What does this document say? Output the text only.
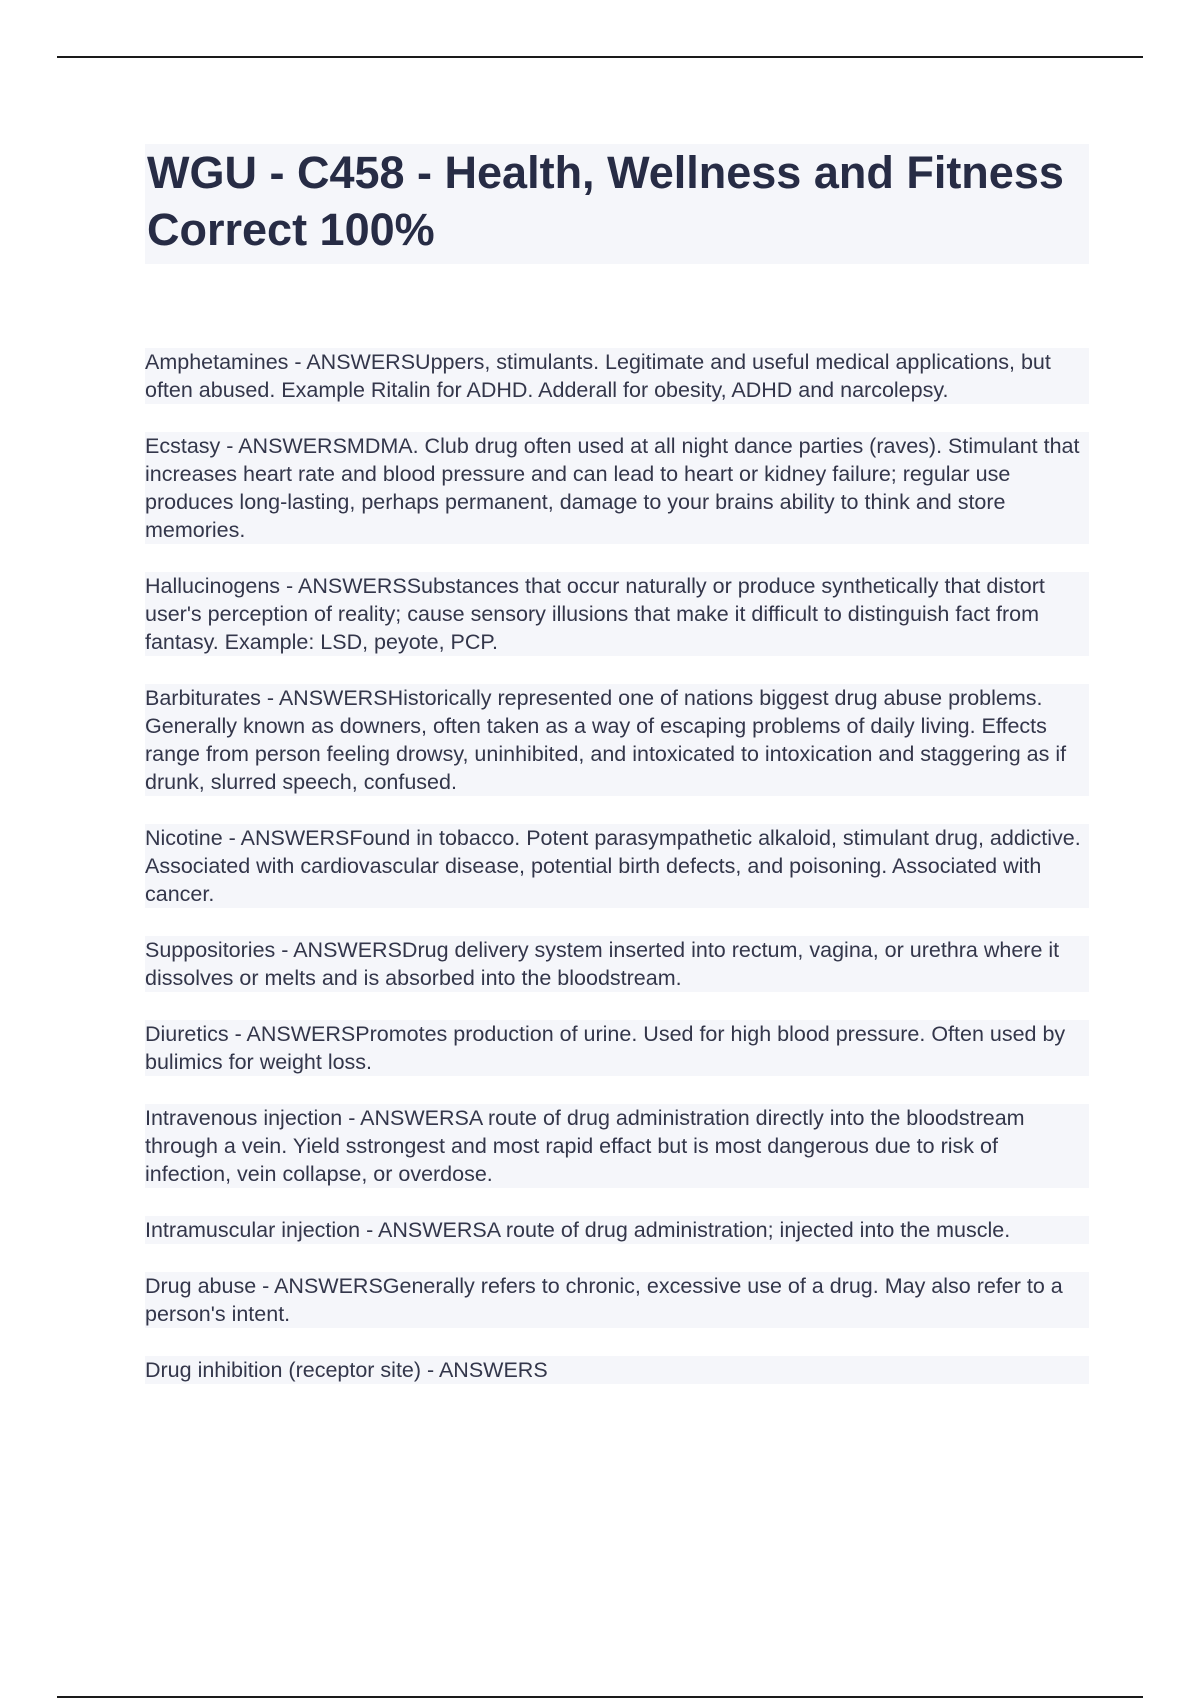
WGU - C458 - Health, Wellness and Fitness Correct 100%
Amphetamines - ANSWERSUppers, stimulants. Legitimate and useful medical applications, but often abused. Example Ritalin for ADHD. Adderall for obesity, ADHD and narcolepsy.
Ecstasy - ANSWERSMDMA. Club drug often used at all night dance parties (raves). Stimulant that increases heart rate and blood pressure and can lead to heart or kidney failure; regular use produces long-lasting, perhaps permanent, damage to your brains ability to think and store memories.
Hallucinogens - ANSWERSSubstances that occur naturally or produce synthetically that distort user's perception of reality; cause sensory illusions that make it difficult to distinguish fact from fantasy. Example: LSD, peyote, PCP.
Barbiturates - ANSWERSHistorically represented one of nations biggest drug abuse problems. Generally known as downers, often taken as a way of escaping problems of daily living. Effects range from person feeling drowsy, uninhibited, and intoxicated to intoxication and staggering as if drunk, slurred speech, confused.
Nicotine - ANSWERSFound in tobacco. Potent parasympathetic alkaloid, stimulant drug, addictive. Associated with cardiovascular disease, potential birth defects, and poisoning. Associated with cancer.
Suppositories - ANSWERSDrug delivery system inserted into rectum, vagina, or urethra where it dissolves or melts and is absorbed into the bloodstream.
Diuretics - ANSWERSPromotes production of urine. Used for high blood pressure. Often used by bulimics for weight loss.
Intravenous injection - ANSWERSA route of drug administration directly into the bloodstream through a vein. Yield sstrongest and most rapid effact but is most dangerous due to risk of infection, vein collapse, or overdose.
Intramuscular injection - ANSWERSA route of drug administration; injected into the muscle.
Drug abuse - ANSWERSGenerally refers to chronic, excessive use of a drug. May also refer to a person's intent.
Drug inhibition (receptor site) - ANSWERS
